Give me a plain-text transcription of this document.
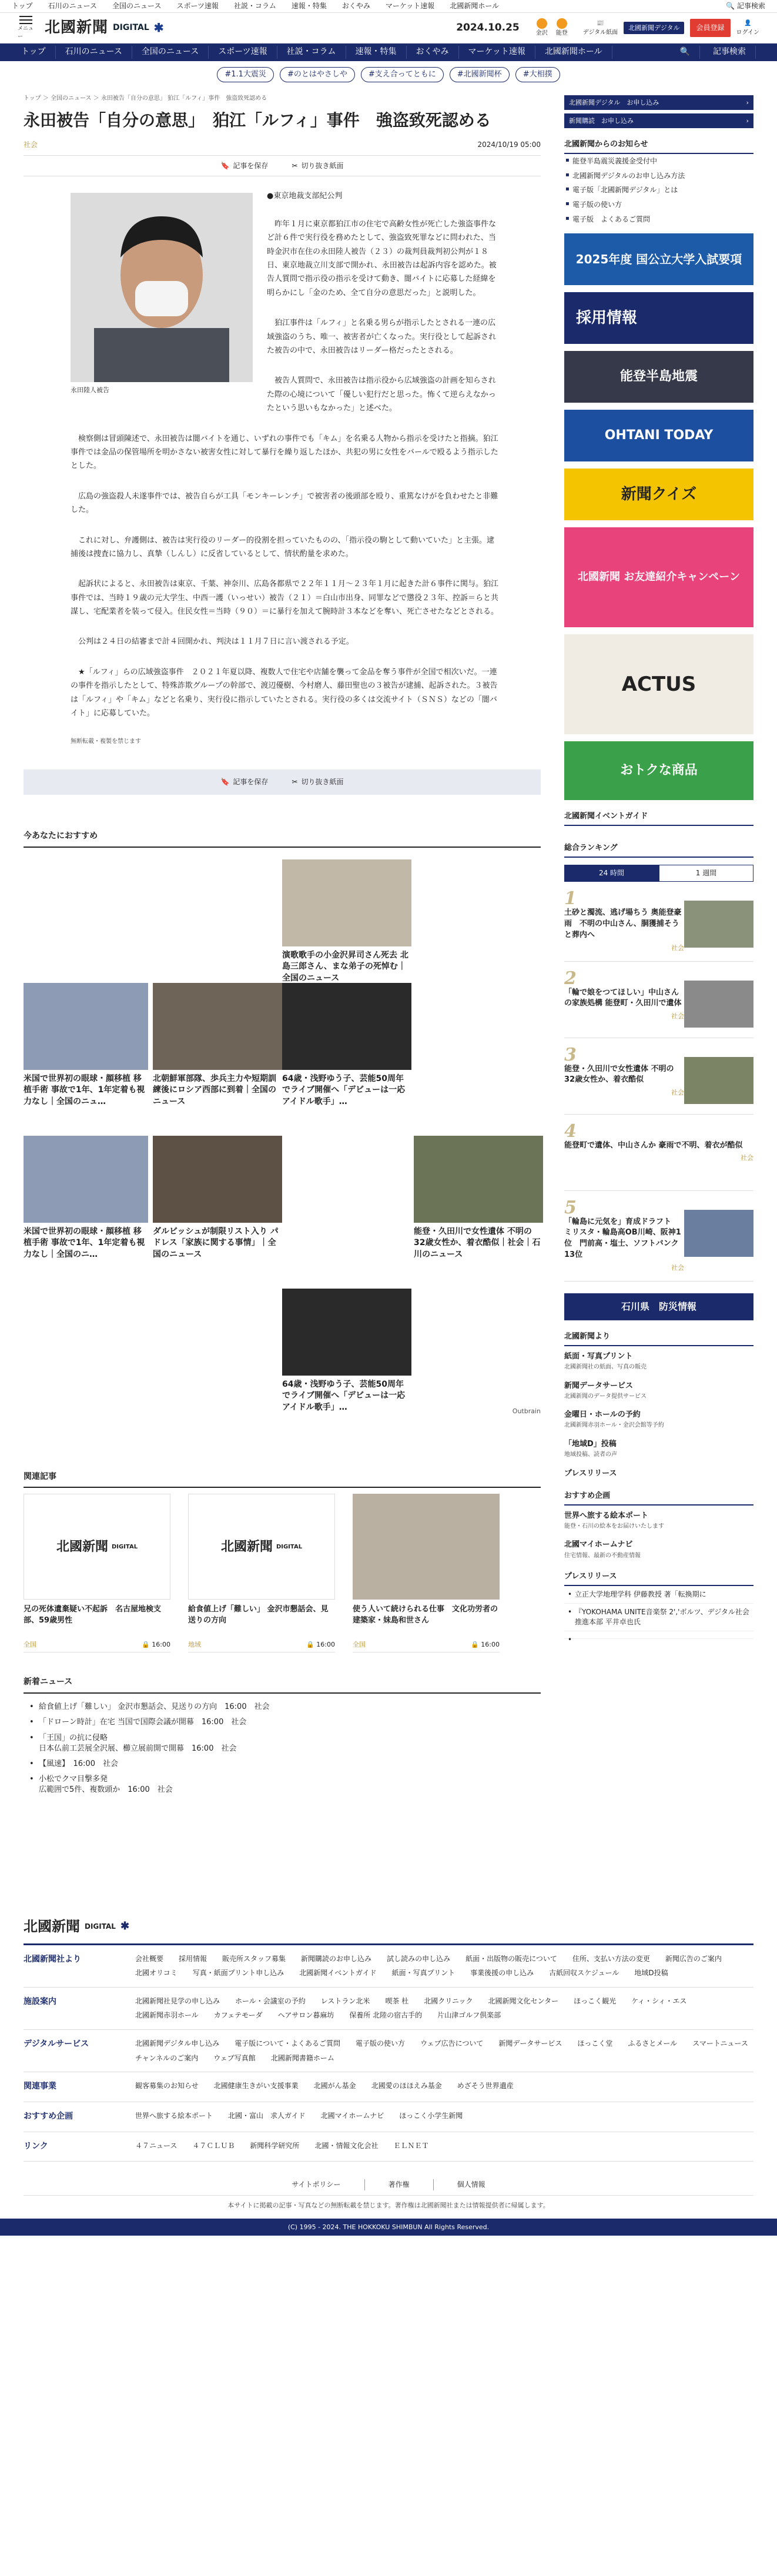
トップ 石川のニュース 全国のニュース スポーツ速報 社説・コラム 速報・特集 おくやみ マーケット速報 北國新聞ホール	🔍 記事検索
メニュー
北國新聞 DIGITAL ✱	2024.10.25	金沢 能登
📰
デジタル紙面
北國新聞デジタル	会員登録
👤
ログイン
トップ	石川のニュース	全国のニュース	スポーツ速報	社説・コラム	速報・特集	おくやみ	マーケット速報	北國新聞ホール	🔍	記事検索
#1.1大震災	#のとはやさしや	#支え合ってともに	#北國新聞杯	#大相撲
トップ ＞ 全国のニュース ＞ 永田被告「自分の意思」 狛江「ルフィ」事件　強盗致死認める
永田被告「自分の意思」　狛江「ルフィ」事件　強盗致死認める
社会	2024/10/19 05:00
🔖 記事を保存	✂ 切り抜き紙面
永田陸人被告

●東京地裁支部紀公判

昨年１月に東京都狛江市の住宅で高齢女性が死亡した強盗事件など計６件で実行役を務めたとして、強盗致死罪などに問われた、当時金沢市在住の永田陸人被告（２３）の裁判員裁判初公判が１８日、東京地裁立川支部で開かれ、永田被告は起訴内容を認めた。被告人質問で指示役の指示を受けて動き、闇バイトに応募した経緯を明らかにし「金のため、全て自分の意思だった」と説明した。

狛江事件は「ルフィ」と名乗る男らが指示したとされる一連の広域強盗のうち、唯一、被害者が亡くなった。実行役として起訴された被告の中で、永田被告はリーダー格だったとされる。

被告人質問で、永田被告は指示役から広域強盗の計画を知らされた際の心境について「優しい犯行だと思った。怖くて逆らえなかったという思いもなかった」と述べた。

検察側は冒頭陳述で、永田被告は闇バイトを通じ、いずれの事件でも「キム」を名乗る人物から指示を受けたと指摘。狛江事件では金品の保管場所を明かさない被害女性に対して暴行を繰り返したほか、共犯の男に女性をバールで殴るよう指示したとした。

広島の強盗殺人未遂事件では、被告自らが工具「モンキーレンチ」で被害者の後頭部を殴り、重篤なけがを負わせたと非難した。

これに対し、弁護側は、被告は実行役のリーダー的役割を担っていたものの、「指示役の駒として動いていた」と主張。逮捕後は捜査に協力し、真摯（しんし）に反省しているとして、情状酌量を求めた。

起訴状によると、永田被告は東京、千葉、神奈川、広島各都県で２２年１１月～２３年１月に起きた計６事件に関与。狛江事件では、当時１９歳の元大学生、中西一護（いっせい）被告（２１）＝白山市出身、同罪などで懲役２３年、控訴＝らと共謀し、宅配業者を装って侵入。住民女性＝当時（９０）＝に暴行を加えて腕時計３本などを奪い、死亡させたなどとされる。

公判は２４日の結審まで計４回開かれ、判決は１１月７日に言い渡される予定。

★「ルフィ」らの広域強盗事件　２０２１年夏以降、複数人で住宅や店舗を襲って金品を奪う事件が全国で相次いだ。一連の事件を指示したとして、特殊詐欺グループの幹部で、渡辺優樹、今村磨人、藤田聖也の３被告が逮捕、起訴された。３被告は「ルフィ」や「キム」などと名乗り、実行役に指示していたとされる。実行役の多くは交流サイト（ＳＮＳ）などの「闇バイト」に応募していた。

無断転載・複製を禁じます

🔖 記事を保存	✂ 切り抜き紙面
今あなたにおすすめ
演歌歌手の小金沢昇司さん死去 北島三郎さん、まな弟子の死悼む｜全国のニュース
米国で世界初の眼球・顔移植 移植手術 事故で1年、1年定着も視力なし｜全国のニュ…
北朝鮮軍部隊、歩兵主力や短期訓練後にロシア西部に到着｜全国のニュース
64歳・浅野ゆう子、芸能50周年でライブ開催へ「デビューは一応アイドル歌手」…
米国で世界初の眼球・顔移植 移植手術 事故で1年、1年定着も視力なし｜全国のニ…
ダルビッシュが制限リスト入り パドレス「家族に関する事情」｜全国のニュース
能登・久田川で女性遺体 不明の32歳女性か、着衣酷似｜社会｜石川のニュース
64歳・浅野ゆう子、芸能50周年でライブ開催へ「デビューは一応アイドル歌手」…	Outbrain
関連記事
北國新聞 DIGITAL
兄の死体遺棄疑い不起訴　名古屋地検支部、59歳男性
全国	🔒 16:00
北國新聞 DIGITAL
給食値上げ「難しい」 金沢市懇話会、見送りの方向
地域	🔒 16:00
使う人いて続けられる仕事　文化功労者の建築家・妹島和世さん
全国	🔒 16:00
新着ニュース
• 給食値上げ「難しい」 金沢市懇話会、見送りの方向　16:00　社会
• 「ドローン時計」在宅 当国で国際会議が開幕　16:00　社会
• 「王国」の抗に侵略
日本仏前工芸展全沢展、櫛立展前開で開幕　16:00　社会
• 【風速】　16:00　社会
• 小松でクマ目撃多発
広範囲で5件、複数頭か　16:00　社会
北國新聞デジタル　お申し込み	›
新聞購読　お申し込み	›
北國新聞からのお知らせ
▪ 能登半島震災義援金受付中
▪ 北國新聞デジタルのお申し込み方法
▪ 電子版「北國新聞デジタル」とは
▪ 電子版の使い方
▪ 電子版　よくあるご質問
2025年度 国公立大学入試要項
採用情報
能登半島地震
OHTANI TODAY
新聞クイズ
北國新聞 お友達紹介キャンペーン
ACTUS
おトクな商品
北國新聞イベントガイド
総合ランキング
24 時間	1 週間
1
土砂と濁流、逃げ場ちう 奥能登豪雨　不明の中山さん、胴獲捕そうと葬内へ
社会
2
「輪で娘をつてほしい」中山さんの家族処構 能登町・久田川で遺体
社会
3
能登・久田川で女性遺体 不明の32歳女性か、着衣酷似
社会
4
能登町で遺体、中山さんか 豪雨で不明、着衣が酷似
社会
5
「輪島に元気を」育成ドラフト　ミリスタ・輪島高OB川崎、阪神1位　門前高・塩士、ソフトバンク13位
社会
石川県　防災情報
北國新聞より
紙面・写真プリント
北國新聞社の紙面、写真の販売
新聞データサービス
北國新聞のデータ提供サービス
金曜日・ホールの予約
北國新聞赤羽ホール・金沢会館等予約
「地域D」投稿
地域投稿、読者の声
プレスリリース
おすすめ企画
世界へ旅する絵本ポート
能登・石川の絵本をお届けいたします
北國マイホームナビ
住宅情報、最新の不動産情報
プレスリリース
• 立正大学地理学科 伊藤教授 著「転換期に
• 『YOKOHAMA UNITE音楽祭 2','ボルツ、デジタル社会推進本部 平井卓也氏
•
北國新聞 DIGITAL ✱
北國新聞社より	会社概要 採用情報 販売所スタッフ募集 新聞購読のお申し込み 試し読みの申し込み 紙面・出版物の販売について 住所、支払い方法の変更 新聞広告のご案内
北國オリコミ 写真・紙面プリント申し込み 北國新聞イベントガイド 紙面・写真プリント 事業後援の申し込み 古紙回収スケジュール 地域D投稿
施設案内	北國新聞社見学の申し込み ホール・会議室の予約 レストラン北米 喫茶 杜 北國クリニック 北國新聞文化センター ほっこく観光 ケィ・シィ・エス
北國新聞赤羽ホール カフェテモーダ ヘアサロン暮麻坊 保養所 北陸の宿古手的 片山津ゴルフ倶楽部
デジタルサービス	北國新聞デジタル申し込み 電子版について・よくあるご質問 電子版の使い方 ウェブ広告について 新聞データサービス ほっこく堂 ふるさとメール スマートニュース
チャンネルのご案内 ウェブ写真館 北國新聞書籍ホーム
関連事業	観客募集のお知らせ 北國健康生きがい支援事業 北國がん基金 北國愛のほほえみ基金 めざそう世界遺産
おすすめ企画	世界へ旅する絵本ポート 北國・富山　求人ガイド 北國マイホームナビ ほっこく小学生新聞
リンク	４７ニュース ４７ＣＬＵＢ 新聞科学研究所 北國・情報文化会社 ＥＬＮＥＴ
サイトポリシー	著作権	個人情報
本サイトに掲載の記事・写真などの無断転載を禁じます。著作権は北國新聞社または情報提供者に帰属します。
(C) 1995 - 2024. THE HOKKOKU SHIMBUN All Rights Reserved.
